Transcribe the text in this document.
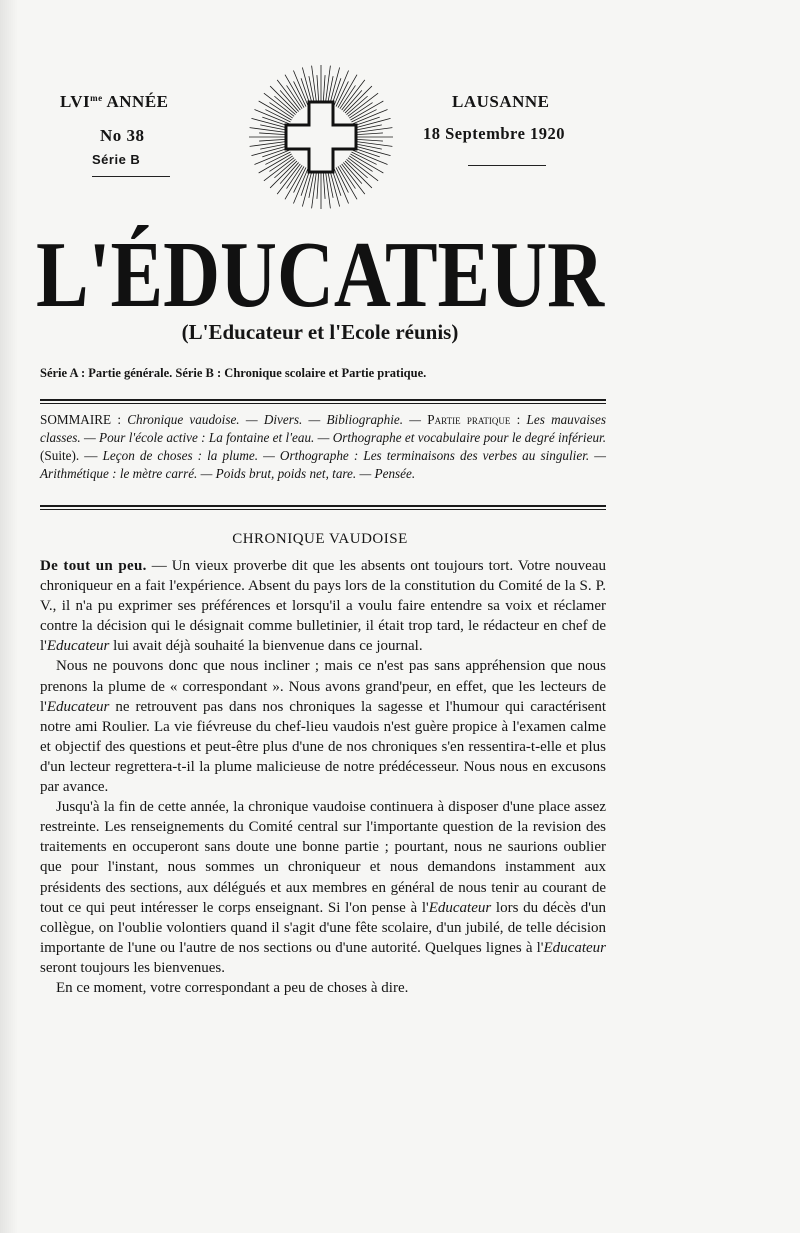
$LVI^{me}$ ANNÉE
No 38
Série B
LAUSANNE
18 Septembre 1920
L'ÉDUCATEUR
(L'Educateur et l'Ecole réunis)
Série A : Partie générale. Série B : Chronique scolaire et Partie pratique.
SOMMAIRE : Chronique vaudoise. — Divers. — Bibliographie. — Partie pratique : Les mauvaises classes. — Pour l'école active : La fontaine et l'eau. — Orthographe et vocabulaire pour le degré inférieur. (Suite). — Leçon de choses : la plume. — Orthographe : Les terminaisons des verbes au singulier. — Arithmétique : le mètre carré. — Poids brut, poids net, tare. — Pensée.
CHRONIQUE VAUDOISE

De tout un peu. — Un vieux proverbe dit que les absents ont toujours tort. Votre nouveau chroniqueur en a fait l'expérience. Absent du pays lors de la constitution du Comité de la S. P. V., il n'a pu exprimer ses préférences et lorsqu'il a voulu faire entendre sa voix et réclamer contre la décision qui le désignait comme bulletinier, il était trop tard, le rédacteur en chef de l'Educateur lui avait déjà souhaité la bienvenue dans ce journal.

Nous ne pouvons donc que nous incliner ; mais ce n'est pas sans appréhension que nous prenons la plume de « correspondant ». Nous avons grand'peur, en effet, que les lecteurs de l'Educateur ne retrouvent pas dans nos chroniques la sagesse et l'humour qui caractérisent notre ami Roulier. La vie fiévreuse du chef-lieu vaudois n'est guère propice à l'examen calme et objectif des questions et peut-être plus d'une de nos chroniques s'en ressentira-t-elle et plus d'un lecteur regrettera-t-il la plume malicieuse de notre prédécesseur. Nous nous en excusons par avance.

Jusqu'à la fin de cette année, la chronique vaudoise continuera à disposer d'une place assez restreinte. Les renseignements du Comité central sur l'importante question de la revision des traitements en occuperont sans doute une bonne partie ; pourtant, nous ne saurions oublier que pour l'instant, nous sommes un chroniqueur et nous demandons instamment aux présidents des sections, aux délégués et aux membres en général de nous tenir au courant de tout ce qui peut intéresser le corps enseignant. Si l'on pense à l'Educateur lors du décès d'un collègue, on l'oublie volontiers quand il s'agit d'une fête scolaire, d'un jubilé, de telle décision importante de l'une ou l'autre de nos sections ou d'une autorité. Quelques lignes à l'Educateur seront toujours les bienvenues.

En ce moment, votre correspondant a peu de choses à dire.
